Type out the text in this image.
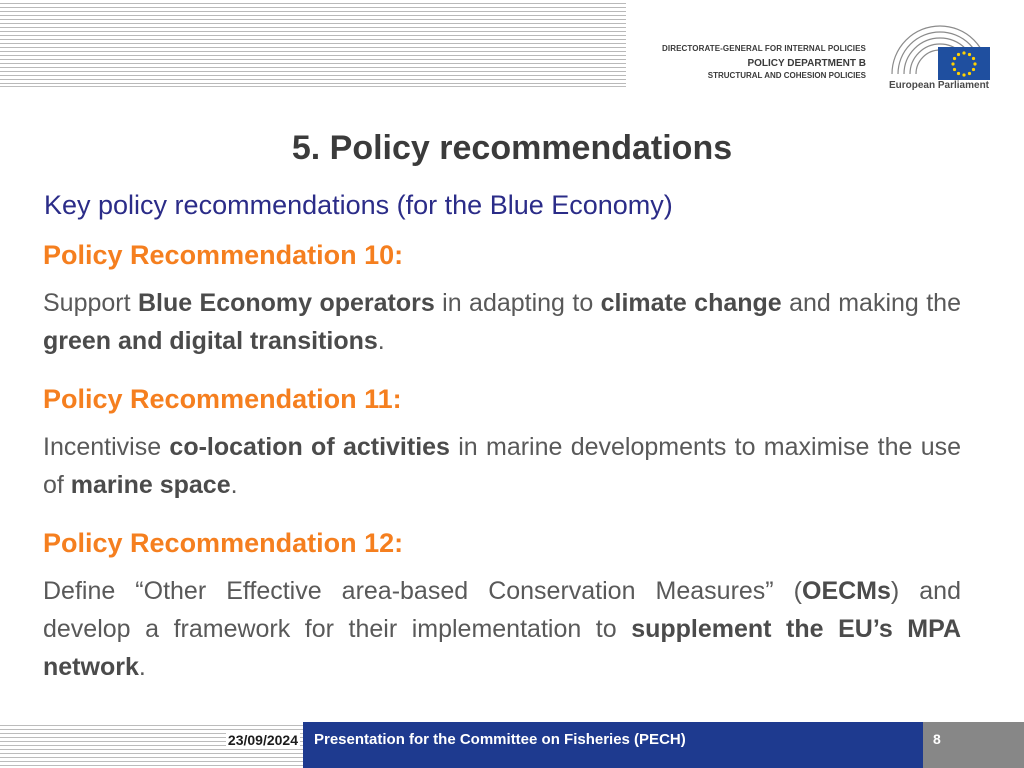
DIRECTORATE-GENERAL FOR INTERNAL POLICIES
POLICY DEPARTMENT B
STRUCTURAL AND COHESION POLICIES
European Parliament
5. Policy recommendations
Key policy recommendations (for the Blue Economy)
Policy Recommendation 10:
Support Blue Economy operators in adapting to climate change and making the green and digital transitions.
Policy Recommendation 11:
Incentivise co-location of activities in marine developments to maximise the use of marine space.
Policy Recommendation 12:
Define “Other Effective area-based Conservation Measures” (OECMs) and develop a framework for their implementation to supplement the EU’s MPA network.
23/09/2024 Presentation for the Committee on Fisheries (PECH)	8
